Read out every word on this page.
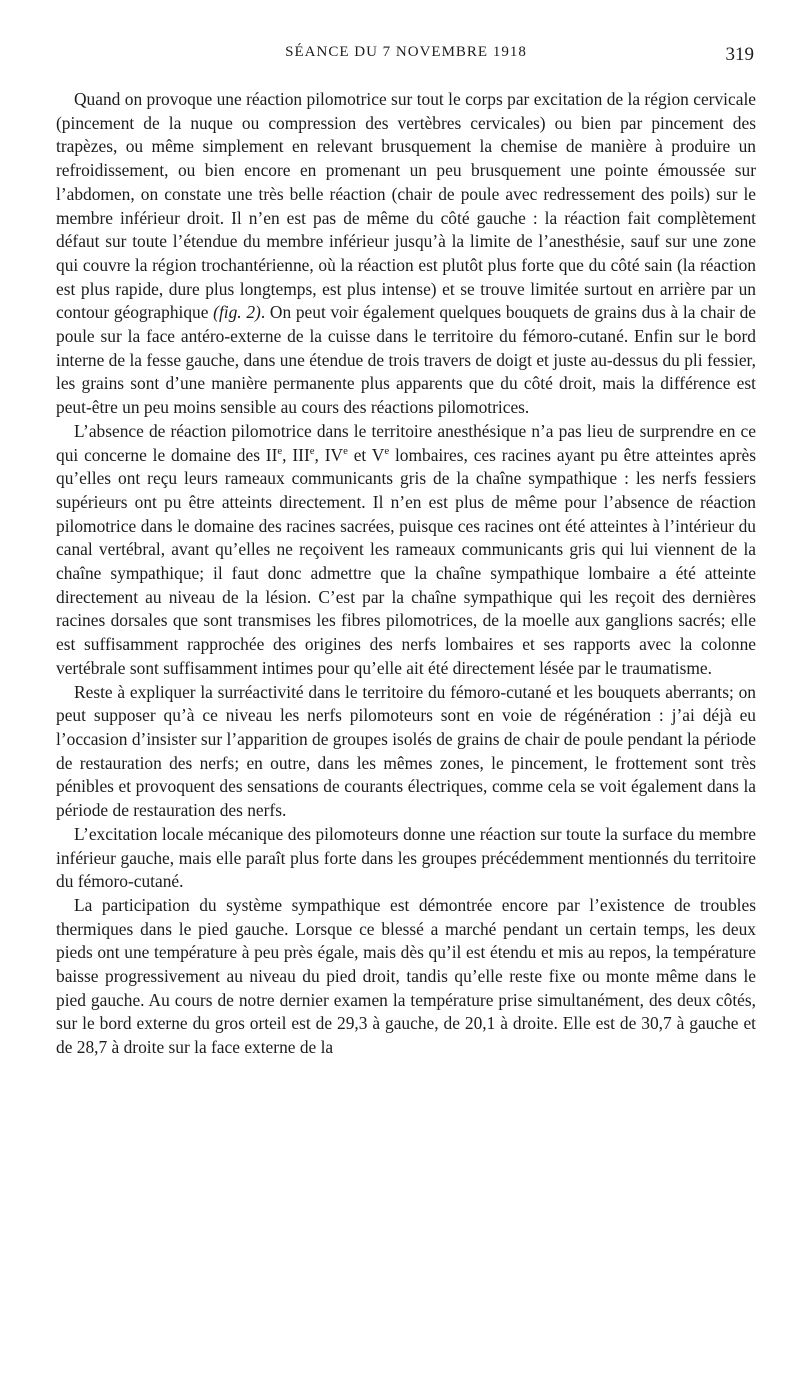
SÉANCE DU 7 NOVEMBRE 1918	319

Quand on provoque une réaction pilomotrice sur tout le corps par excitation de la région cervicale (pincement de la nuque ou compression des vertèbres cervicales) ou bien par pincement des trapèzes, ou même simplement en relevant brusquement la chemise de manière à produire un refroidissement, ou bien encore en promenant un peu brusquement une pointe émoussée sur l’abdomen, on constate une très belle réaction (chair de poule avec redressement des poils) sur le membre inférieur droit. Il n’en est pas de même du côté gauche : la réaction fait complètement défaut sur toute l’étendue du membre inférieur jusqu’à la limite de l’anesthésie, sauf sur une zone qui couvre la région trochantérienne, où la réaction est plutôt plus forte que du côté sain (la réaction est plus rapide, dure plus longtemps, est plus intense) et se trouve limitée surtout en arrière par un contour géographique (fig. 2). On peut voir également quelques bouquets de grains dus à la chair de poule sur la face antéro-externe de la cuisse dans le territoire du fémoro-cutané. Enfin sur le bord interne de la fesse gauche, dans une étendue de trois travers de doigt et juste au-dessus du pli fessier, les grains sont d’une manière permanente plus apparents que du côté droit, mais la différence est peut-être un peu moins sensible au cours des réactions pilomotrices.

L’absence de réaction pilomotrice dans le territoire anesthésique n’a pas lieu de surprendre en ce qui concerne le domaine des IIe, IIIe, IVe et Ve lombaires, ces racines ayant pu être atteintes après qu’elles ont reçu leurs rameaux communicants gris de la chaîne sympathique : les nerfs fessiers supérieurs ont pu être atteints directement. Il n’en est plus de même pour l’absence de réaction pilomotrice dans le domaine des racines sacrées, puisque ces racines ont été atteintes à l’intérieur du canal vertébral, avant qu’elles ne reçoivent les rameaux communicants gris qui lui viennent de la chaîne sympathique; il faut donc admettre que la chaîne sympathique lombaire a été atteinte directement au niveau de la lésion. C’est par la chaîne sympathique qui les reçoit des dernières racines dorsales que sont transmises les fibres pilomotrices, de la moelle aux ganglions sacrés; elle est suffisamment rapprochée des origines des nerfs lombaires et ses rapports avec la colonne vertébrale sont suffisamment intimes pour qu’elle ait été directement lésée par le traumatisme.

Reste à expliquer la surréactivité dans le territoire du fémoro-cutané et les bouquets aberrants; on peut supposer qu’à ce niveau les nerfs pilomoteurs sont en voie de régénération : j’ai déjà eu l’occasion d’insister sur l’apparition de groupes isolés de grains de chair de poule pendant la période de restauration des nerfs; en outre, dans les mêmes zones, le pincement, le frottement sont très pénibles et provoquent des sensations de courants électriques, comme cela se voit également dans la période de restauration des nerfs.

L’excitation locale mécanique des pilomoteurs donne une réaction sur toute la surface du membre inférieur gauche, mais elle paraît plus forte dans les groupes précédemment mentionnés du territoire du fémoro-cutané.

La participation du système sympathique est démontrée encore par l’existence de troubles thermiques dans le pied gauche. Lorsque ce blessé a marché pendant un certain temps, les deux pieds ont une température à peu près égale, mais dès qu’il est étendu et mis au repos, la température baisse progressivement au niveau du pied droit, tandis qu’elle reste fixe ou monte même dans le pied gauche. Au cours de notre dernier examen la température prise simultanément, des deux côtés, sur le bord externe du gros orteil est de 29,3 à gauche, de 20,1 à droite. Elle est de 30,7 à gauche et de 28,7 à droite sur la face externe de la
